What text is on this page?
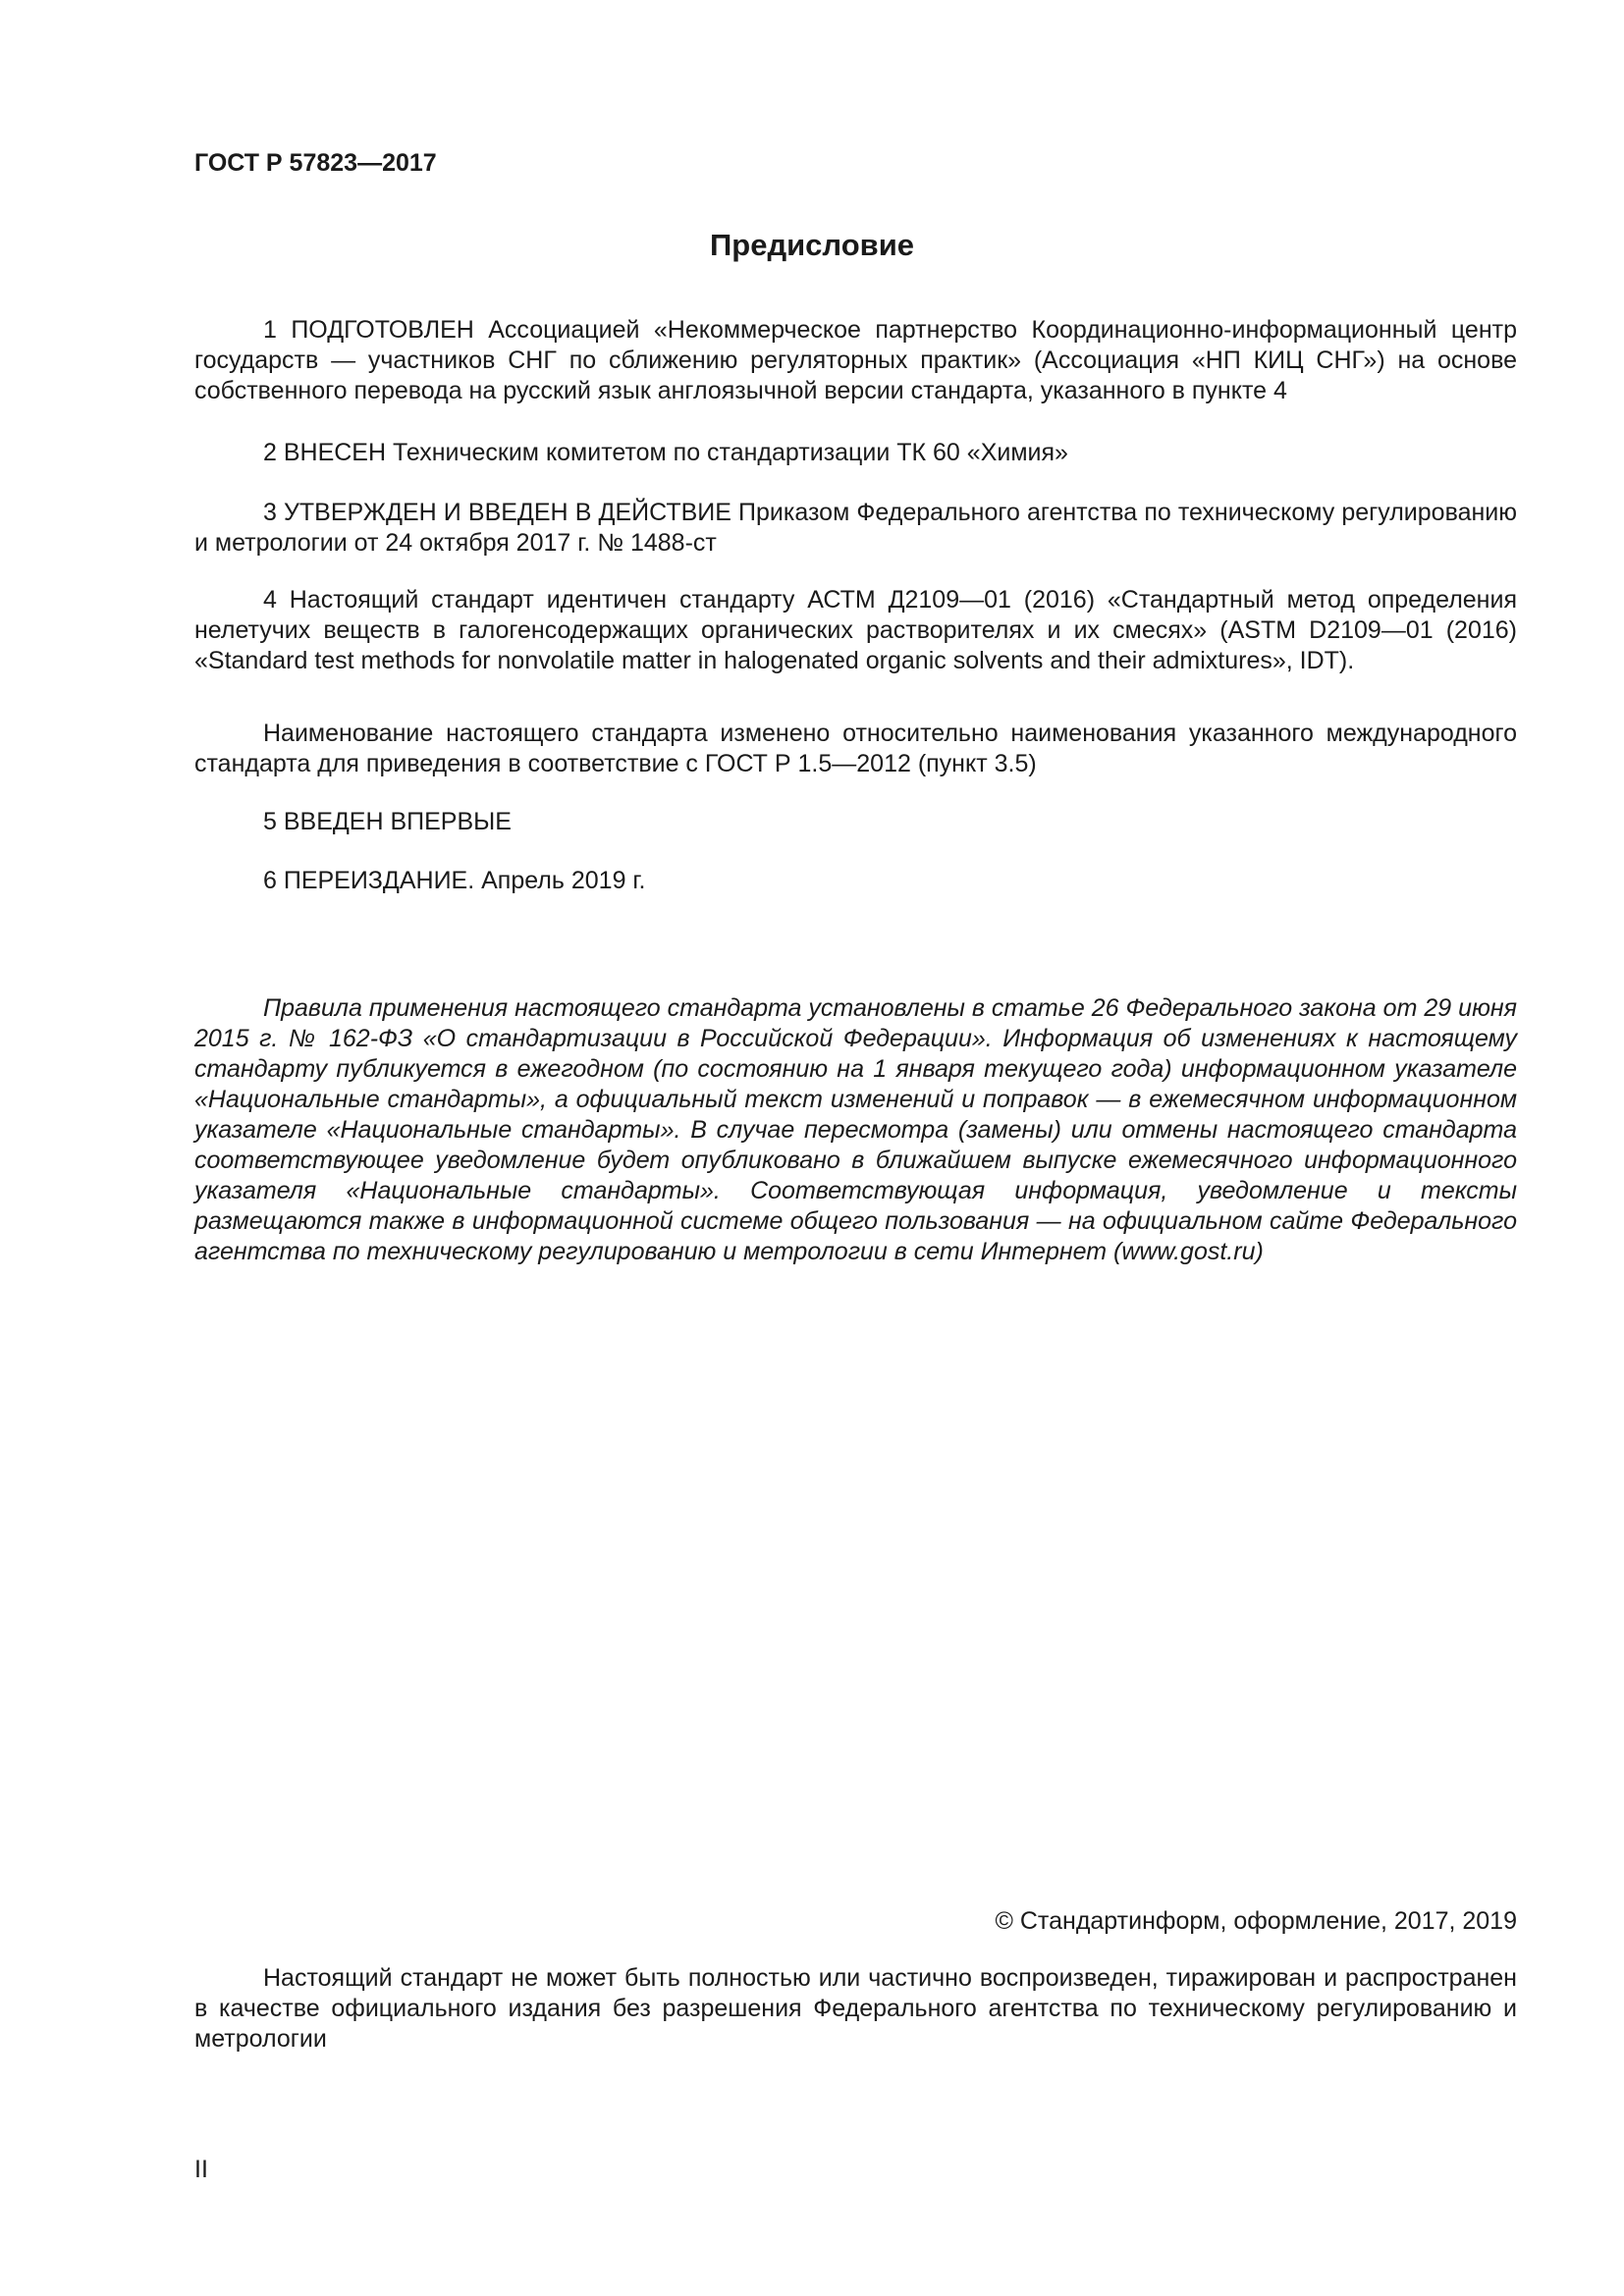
ГОСТ Р 57823—2017

Предисловие

1 ПОДГОТОВЛЕН Ассоциацией «Некоммерческое партнерство Координационно-информационный центр государств — участников СНГ по сближению регуляторных практик» (Ассоциация «НП КИЦ СНГ») на основе собственного перевода на русский язык англоязычной версии стандарта, указанного в пункте 4

2 ВНЕСЕН Техническим комитетом по стандартизации ТК 60 «Химия»

3 УТВЕРЖДЕН И ВВЕДЕН В ДЕЙСТВИЕ Приказом Федерального агентства по техническому регулированию и метрологии от 24 октября 2017 г. № 1488-ст

4 Настоящий стандарт идентичен стандарту АСТМ Д2109—01 (2016) «Стандартный метод определения нелетучих веществ в галогенсодержащих органических растворителях и их смесях» (ASTM D2109—01 (2016) «Standard test methods for nonvolatile matter in halogenated organic solvents and their admixtures», IDT).

Наименование настоящего стандарта изменено относительно наименования указанного международного стандарта для приведения в соответствие с ГОСТ Р 1.5—2012 (пункт 3.5)

5 ВВЕДЕН ВПЕРВЫЕ

6 ПЕРЕИЗДАНИЕ. Апрель 2019 г.

Правила применения настоящего стандарта установлены в статье 26 Федерального закона от 29 июня 2015 г. № 162-ФЗ «О стандартизации в Российской Федерации». Информация об изменениях к настоящему стандарту публикуется в ежегодном (по состоянию на 1 января текущего года) информационном указателе «Национальные стандарты», а официальный текст изменений и поправок — в ежемесячном информационном указателе «Национальные стандарты». В случае пересмотра (замены) или отмены настоящего стандарта соответствующее уведомление будет опубликовано в ближайшем выпуске ежемесячного информационного указателя «Национальные стандарты». Соответствующая информация, уведомление и тексты размещаются также в информационной системе общего пользования — на официальном сайте Федерального агентства по техническому регулированию и метрологии в сети Интернет (www.gost.ru)

© Стандартинформ, оформление, 2017, 2019

Настоящий стандарт не может быть полностью или частично воспроизведен, тиражирован и распространен в качестве официального издания без разрешения Федерального агентства по техническому регулированию и метрологии

II
